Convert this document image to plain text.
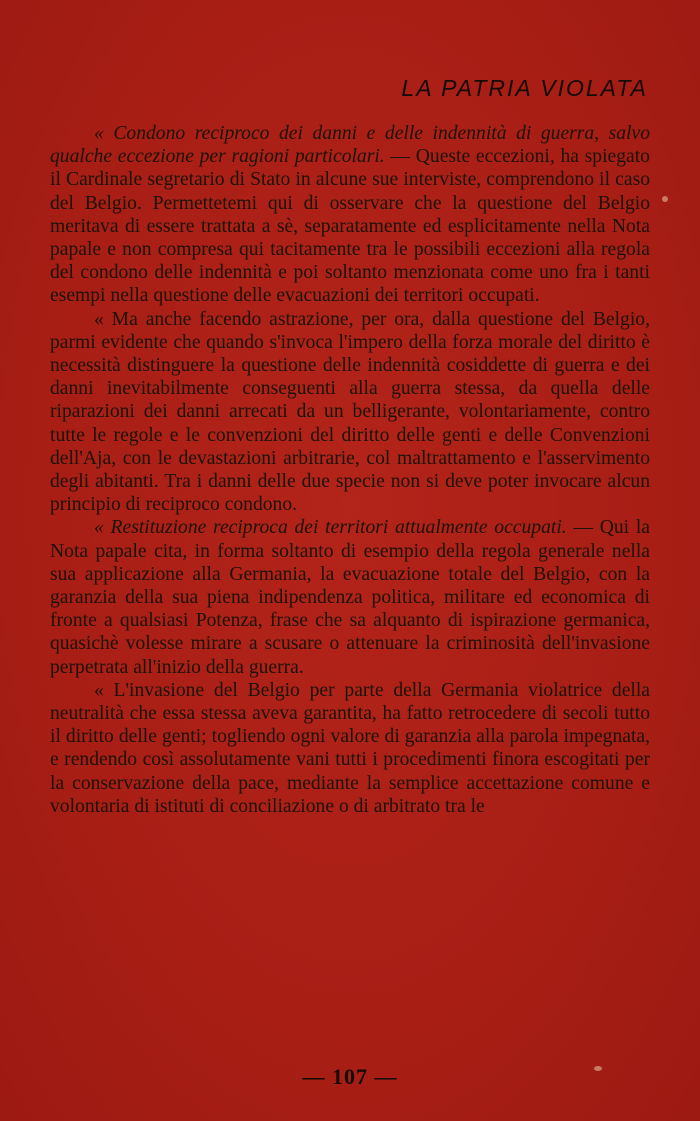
LA PATRIA VIOLATA

« Condono reciproco dei danni e delle indennità di guerra, salvo qualche eccezione per ragioni particolari. — Queste eccezioni, ha spiegato il Cardinale segretario di Stato in alcune sue interviste, comprendono il caso del Belgio. Permettetemi qui di osservare che la questione del Belgio meritava di essere trattata a sè, separatamente ed esplicitamente nella Nota papale e non compresa qui tacitamente tra le possibili eccezioni alla regola del condono delle indennità e poi soltanto menzionata come uno fra i tanti esempi nella questione delle evacuazioni dei territori occupati.

« Ma anche facendo astrazione, per ora, dalla questione del Belgio, parmi evidente che quando s'invoca l'impero della forza morale del diritto è necessità distinguere la questione delle indennità cosiddette di guerra e dei danni inevitabilmente conseguenti alla guerra stessa, da quella delle riparazioni dei danni arrecati da un belligerante, volontariamente, contro tutte le regole e le convenzioni del diritto delle genti e delle Convenzioni dell'Aja, con le devastazioni arbitrarie, col maltrattamento e l'asservimento degli abitanti. Tra i danni delle due specie non si deve poter invocare alcun principio di reciproco condono.

« Restituzione reciproca dei territori attualmente occupati. — Qui la Nota papale cita, in forma soltanto di esempio della regola generale nella sua applicazione alla Germania, la evacuazione totale del Belgio, con la garanzia della sua piena indipendenza politica, militare ed economica di fronte a qualsiasi Potenza, frase che sa alquanto di ispirazione germanica, quasichè volesse mirare a scusare o attenuare la criminosità dell'invasione perpetrata all'inizio della guerra.

« L'invasione del Belgio per parte della Germania violatrice della neutralità che essa stessa aveva garantita, ha fatto retrocedere di secoli tutto il diritto delle genti; togliendo ogni valore di garanzia alla parola impegnata, e rendendo così assolutamente vani tutti i procedimenti finora escogitati per la conservazione della pace, mediante la semplice accettazione comune e volontaria di istituti di conciliazione o di arbitrato tra le

— 107 —
